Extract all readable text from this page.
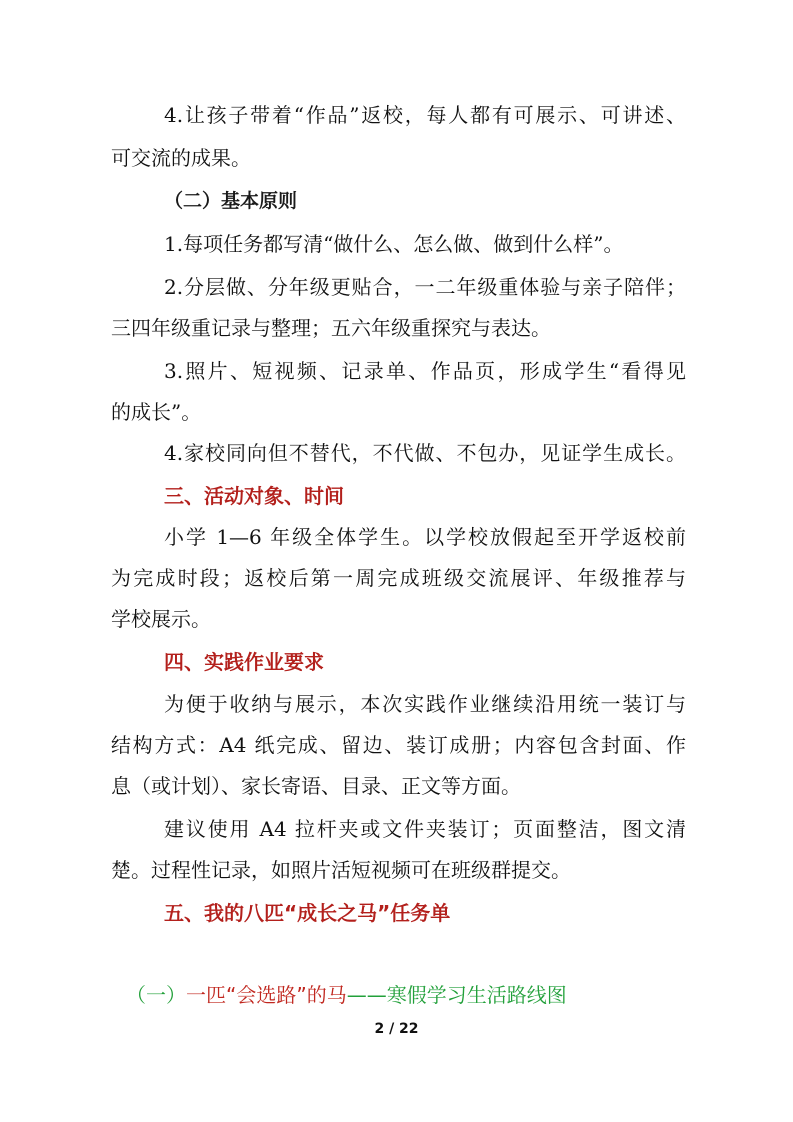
4.让孩子带着“作品”返校，每人都有可展示、可讲述、
可交流的成果。
（二）基本原则
1.每项任务都写清“做什么、怎么做、做到什么样”。
2.分层做、分年级更贴合，一二年级重体验与亲子陪伴；
三四年级重记录与整理；五六年级重探究与表达。
3.照片、短视频、记录单、作品页，形成学生“看得见
的成长”。
4.家校同向但不替代，不代做、不包办，见证学生成长。
三、活动对象、时间
小学 1—6 年级全体学生。以学校放假起至开学返校前
为完成时段；返校后第一周完成班级交流展评、年级推荐与
学校展示。
四、实践作业要求
为便于收纳与展示，本次实践作业继续沿用统一装订与
结构方式：A4 纸完成、留边、装订成册；内容包含封面、作
息（或计划）、家长寄语、目录、正文等方面。
建议使用 A4 拉杆夹或文件夹装订；页面整洁，图文清
楚。过程性记录，如照片活短视频可在班级群提交。
五、我的八匹“成长之马”任务单
（一）一匹“会选路”的马——寒假学习生活路线图
2 / 22
